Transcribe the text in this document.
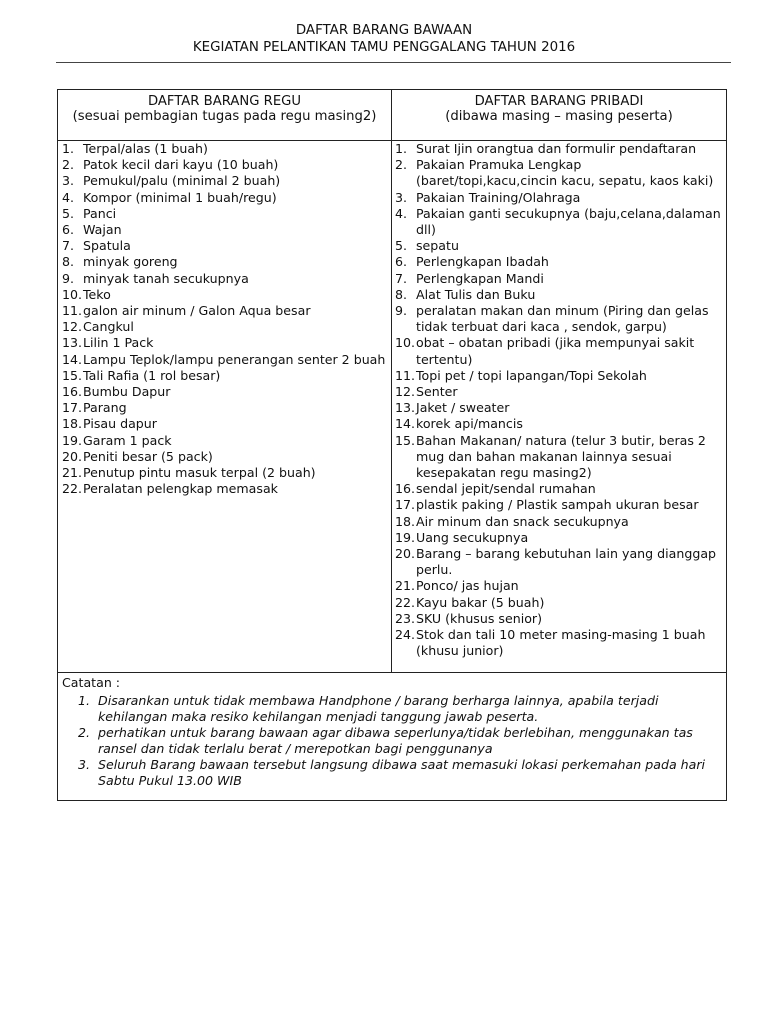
DAFTAR BARANG BAWAAN
KEGIATAN PELANTIKAN TAMU PENGGALANG TAHUN 2016
DAFTAR BARANG REGU
(sesuai pembagian tugas pada regu masing2)
DAFTAR BARANG PRIBADI
(dibawa masing – masing peserta)
1. Terpal/alas (1 buah)
2. Patok kecil dari kayu (10 buah)
3. Pemukul/palu (minimal 2 buah)
4. Kompor (minimal 1 buah/regu)
5. Panci
6. Wajan
7. Spatula
8. minyak goreng
9. minyak tanah secukupnya
10. Teko
11. galon air minum / Galon Aqua besar
12. Cangkul
13. Lilin 1 Pack
14. Lampu Teplok/lampu penerangan senter 2 buah
15. Tali Rafia (1 rol besar)
16. Bumbu Dapur
17. Parang
18. Pisau dapur
19. Garam 1 pack
20. Peniti besar (5 pack)
21. Penutup pintu masuk terpal (2 buah)
22. Peralatan pelengkap memasak
1. Surat Ijin orangtua dan formulir pendaftaran
2. Pakaian Pramuka Lengkap (baret/topi,kacu,cincin kacu, sepatu, kaos kaki)
3. Pakaian Training/Olahraga
4. Pakaian ganti secukupnya (baju,celana,dalaman dll)
5. sepatu
6. Perlengkapan Ibadah
7. Perlengkapan Mandi
8. Alat Tulis dan Buku
9. peralatan makan dan minum (Piring dan gelas tidak terbuat dari kaca , sendok, garpu)
10. obat – obatan pribadi (jika mempunyai sakit tertentu)
11. Topi pet / topi lapangan/Topi Sekolah
12. Senter
13. Jaket / sweater
14. korek api/mancis
15. Bahan Makanan/ natura (telur 3 butir, beras 2 mug dan bahan makanan lainnya sesuai kesepakatan regu masing2)
16. sendal jepit/sendal rumahan
17. plastik paking / Plastik sampah ukuran besar
18. Air minum dan snack secukupnya
19. Uang secukupnya
20. Barang – barang kebutuhan lain yang dianggap perlu.
21. Ponco/ jas hujan
22. Kayu bakar (5 buah)
23. SKU (khusus senior)
24. Stok dan tali 10 meter masing-masing 1 buah (khusu junior)
Catatan :
1. Disarankan untuk tidak membawa Handphone / barang berharga lainnya, apabila terjadi kehilangan maka resiko kehilangan menjadi tanggung jawab peserta.
2. perhatikan untuk barang bawaan agar dibawa seperlunya/tidak berlebihan, menggunakan tas ransel dan tidak terlalu berat / merepotkan bagi penggunanya
3. Seluruh Barang bawaan tersebut langsung dibawa saat memasuki lokasi perkemahan pada hari Sabtu Pukul 13.00 WIB
